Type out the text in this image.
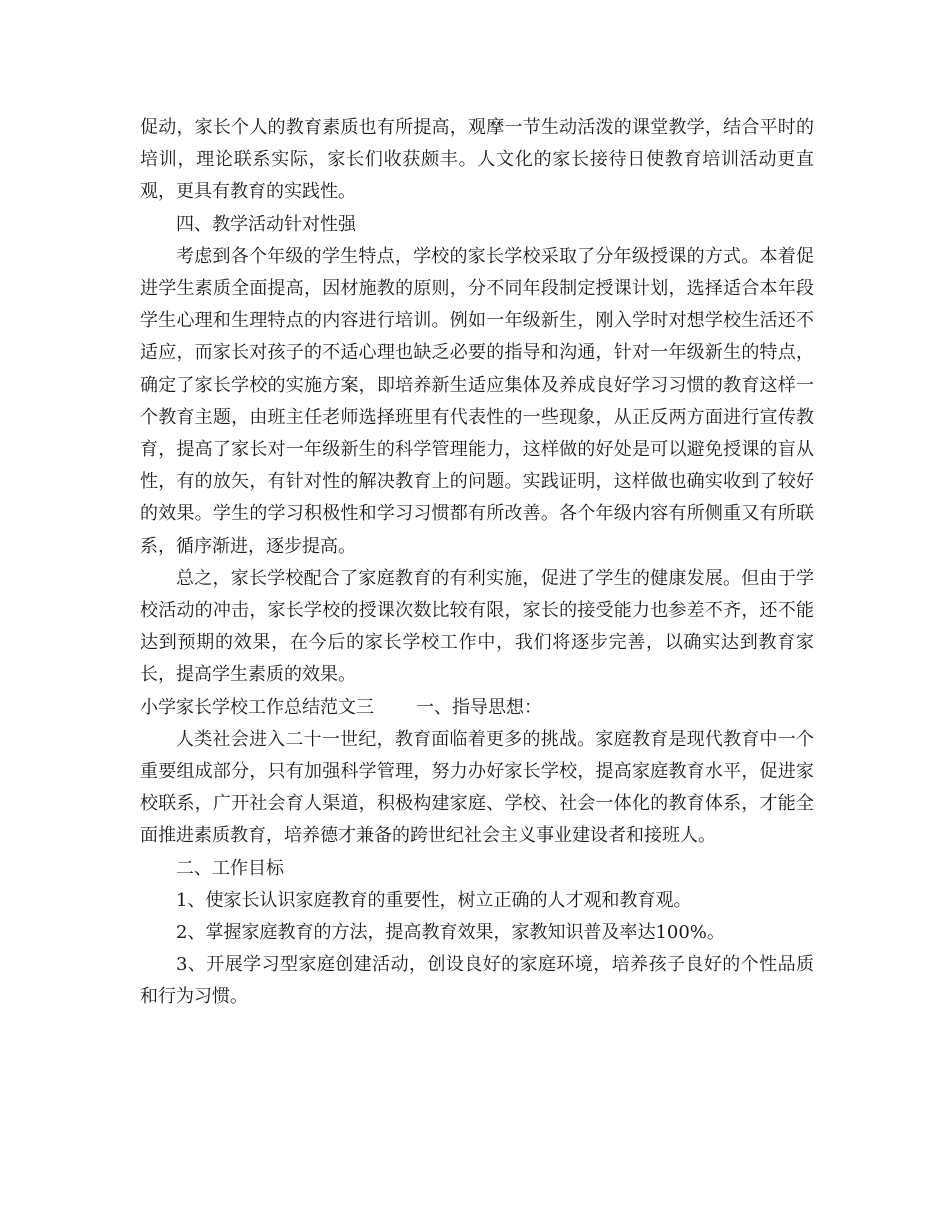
促动，家长个人的教育素质也有所提高，观摩一节生动活泼的课堂教学，结合平时的培训，理论联系实际，家长们收获颇丰。人文化的家长接待日使教育培训活动更直观，更具有教育的实践性。

四、教学活动针对性强

考虑到各个年级的学生特点，学校的家长学校采取了分年级授课的方式。本着促进学生素质全面提高，因材施教的原则，分不同年段制定授课计划，选择适合本年段学生心理和生理特点的内容进行培训。例如一年级新生，刚入学时对想学校生活还不适应，而家长对孩子的不适心理也缺乏必要的指导和沟通，针对一年级新生的特点，确定了家长学校的实施方案，即培养新生适应集体及养成良好学习习惯的教育这样一个教育主题，由班主任老师选择班里有代表性的一些现象，从正反两方面进行宣传教育，提高了家长对一年级新生的科学管理能力，这样做的好处是可以避免授课的盲从性，有的放矢，有针对性的解决教育上的问题。实践证明，这样做也确实收到了较好的效果。学生的学习积极性和学习习惯都有所改善。各个年级内容有所侧重又有所联系，循序渐进，逐步提高。

总之，家长学校配合了家庭教育的有利实施，促进了学生的健康发展。但由于学校活动的冲击，家长学校的授课次数比较有限，家长的接受能力也参差不齐，还不能达到预期的效果，在今后的家长学校工作中，我们将逐步完善，以确实达到教育家长，提高学生素质的效果。

小学家长学校工作总结范文三 一、指导思想：

人类社会进入二十一世纪，教育面临着更多的挑战。家庭教育是现代教育中一个重要组成部分，只有加强科学管理，努力办好家长学校，提高家庭教育水平，促进家校联系，广开社会育人渠道，积极构建家庭、学校、社会一体化的教育体系，才能全面推进素质教育，培养德才兼备的跨世纪社会主义事业建设者和接班人。

二、工作目标

1、使家长认识家庭教育的重要性，树立正确的人才观和教育观。

2、掌握家庭教育的方法，提高教育效果，家教知识普及率达100%。

3、开展学习型家庭创建活动，创设良好的家庭环境，培养孩子良好的个性品质和行为习惯。
